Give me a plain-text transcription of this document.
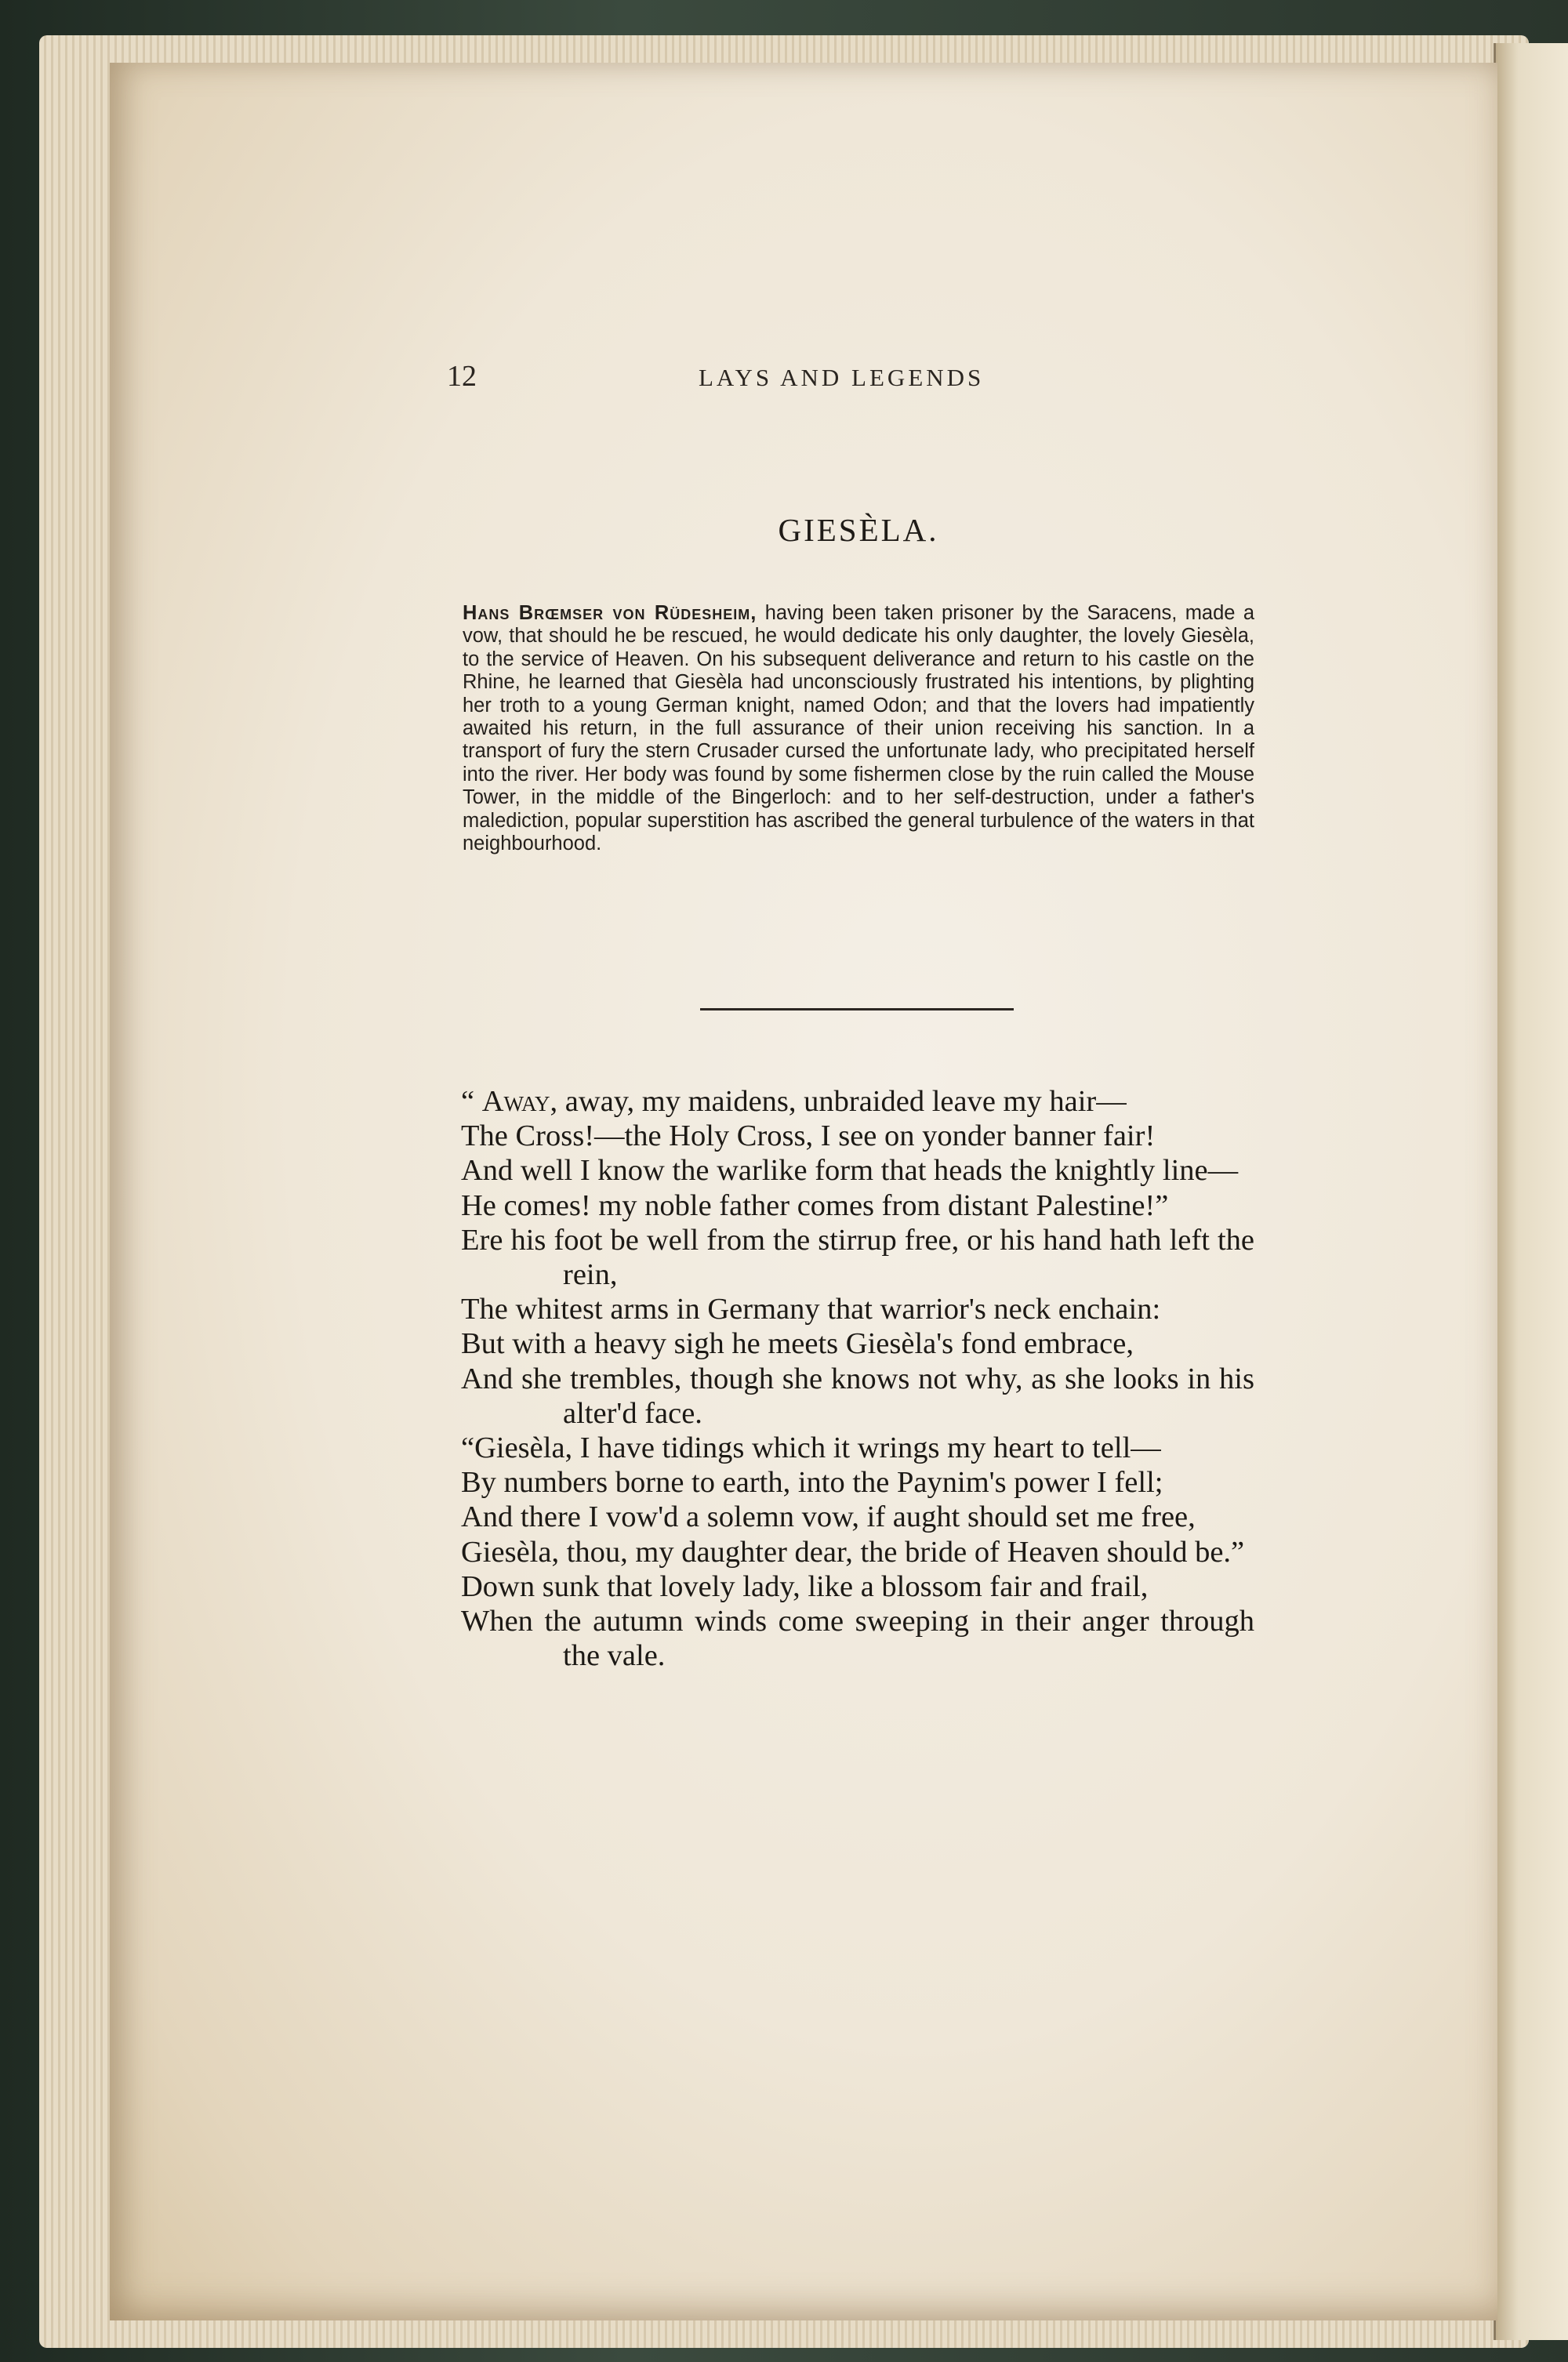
12	LAYS AND LEGENDS
GIESÈLA.
Hans Brœmser von Rüdesheim, having been taken prisoner by the Saracens, made a vow, that should he be rescued, he would dedicate his only daughter, the lovely Giesèla, to the service of Heaven. On his subsequent deliverance and return to his castle on the Rhine, he learned that Giesèla had unconsciously frustrated his intentions, by plighting her troth to a young German knight, named Odon; and that the lovers had impatiently awaited his return, in the full assurance of their union receiving his sanction. In a transport of fury the stern Crusader cursed the unfortunate lady, who precipitated herself into the river. Her body was found by some fishermen close by the ruin called the Mouse Tower, in the middle of the Bingerloch: and to her self-destruction, under a father's malediction, popular superstition has ascribed the general turbulence of the waters in that neighbourhood.

“ Away, away, my maidens, unbraided leave my hair—

The Cross!—the Holy Cross, I see on yonder banner fair!

And well I know the warlike form that heads the knightly line—

He comes! my noble father comes from distant Palestine!”

Ere his foot be well from the stirrup free, or his hand hath left the rein,

The whitest arms in Germany that warrior's neck enchain:

But with a heavy sigh he meets Giesèla's fond embrace,

And she trembles, though she knows not why, as she looks in his alter'd face.

“Giesèla, I have tidings which it wrings my heart to tell—

By numbers borne to earth, into the Paynim's power I fell;

And there I vow'd a solemn vow, if aught should set me free,

Giesèla, thou, my daughter dear, the bride of Heaven should be.”

Down sunk that lovely lady, like a blossom fair and frail,

When the autumn winds come sweeping in their anger through the vale.
